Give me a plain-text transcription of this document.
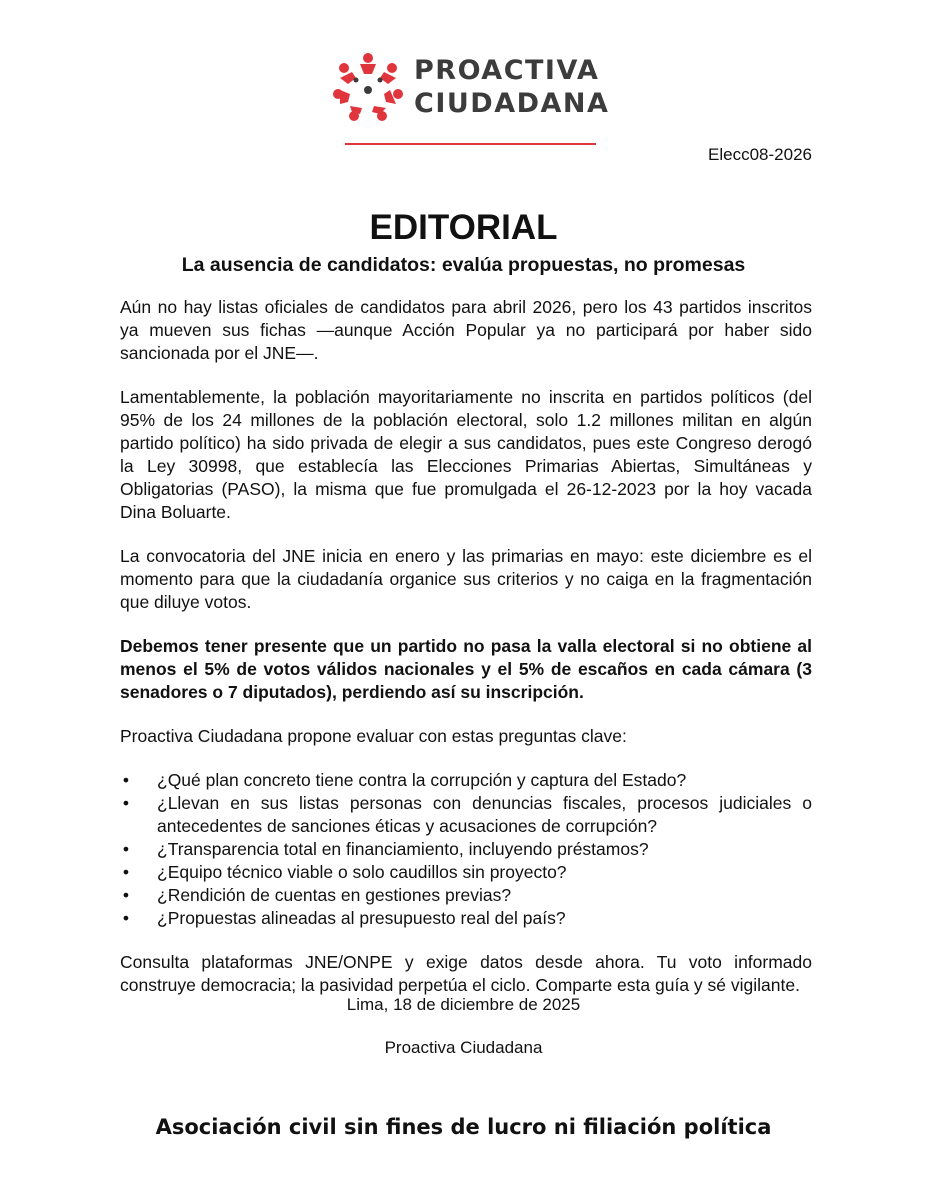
PROACTIVA
CIUDADANA
Elecc08-2026
EDITORIAL
La ausencia de candidatos: evalúa propuestas, no promesas

Aún no hay listas oficiales de candidatos para abril 2026, pero los 43 partidos inscritos ya mueven sus fichas —aunque Acción Popular ya no participará por haber sido sancionada por el JNE—.

Lamentablemente, la población mayoritariamente no inscrita en partidos políticos (del 95% de los 24 millones de la población electoral, solo 1.2 millones militan en algún partido político) ha sido privada de elegir a sus candidatos, pues este Congreso derogó la Ley 30998, que establecía las Elecciones Primarias Abiertas, Simultáneas y Obligatorias (PASO), la misma que fue promulgada el 26-12-2023 por la hoy vacada Dina Boluarte.

La convocatoria del JNE inicia en enero y las primarias en mayo: este diciembre es el momento para que la ciudadanía organice sus criterios y no caiga en la fragmentación que diluye votos.

Debemos tener presente que un partido no pasa la valla electoral si no obtiene al menos el 5% de votos válidos nacionales y el 5% de escaños en cada cámara (3 senadores o 7 diputados), perdiendo así su inscripción.

Proactiva Ciudadana propone evaluar con estas preguntas clave:

• ¿Qué plan concreto tiene contra la corrupción y captura del Estado?
• ¿Llevan en sus listas personas con denuncias fiscales, procesos judiciales o antecedentes de sanciones éticas y acusaciones de corrupción?
• ¿Transparencia total en financiamiento, incluyendo préstamos?
• ¿Equipo técnico viable o solo caudillos sin proyecto?
• ¿Rendición de cuentas en gestiones previas?
• ¿Propuestas alineadas al presupuesto real del país?

Consulta plataformas JNE/ONPE y exige datos desde ahora. Tu voto informado construye democracia; la pasividad perpetúa el ciclo. Comparte esta guía y sé vigilante.

Lima, 18 de diciembre de 2025
Proactiva Ciudadana
Asociación civil sin fines de lucro ni filiación política
